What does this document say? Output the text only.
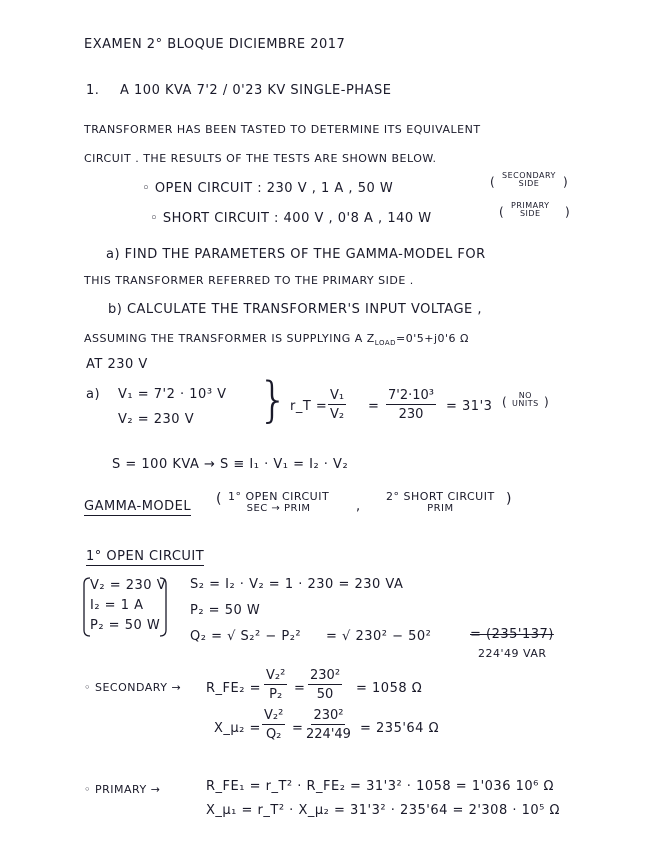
EXAMEN 2° BLOQUE DICIEMBRE 2017
1. A 100 KVA 7'2 / 0'23 KV SINGLE-PHASE
TRANSFORMER HAS BEEN TASTED TO DETERMINE ITS EQUIVALENT
CIRCUIT . THE RESULTS OF THE TESTS ARE SHOWN BELOW.
◦ OPEN CIRCUIT : 230 V , 1 A , 50 W	( SECONDARY
SIDE	)
◦ SHORT CIRCUIT : 400 V , 0'8 A , 140 W	( PRIMARY
SIDE	)
a) FIND THE PARAMETERS OF THE GAMMA-MODEL FOR
THIS TRANSFORMER REFERRED TO THE PRIMARY SIDE .
b) CALCULATE THE TRANSFORMER'S INPUT VOLTAGE ,
ASSUMING THE TRANSFORMER IS SUPPLYING A $Z_{LOAD}=0'5+j0'6$ Ω
AT 230 V
a) V₁ = 7'2 · 10³ V
V₂ = 230 V } r_T = $\frac{\text{V₁}}{\text{V₂}} = \frac{\text{7'2·10³}}{230} = 31'3$ (	NO
UNITS )
S = 100 KVA → S ≡ I₁ · V₁ = I₂ · V₂
GAMMA-MODEL ( 1° OPEN CIRCUIT
SEC → PRIM	,
2° SHORT CIRCUIT
PRIM
)
1° OPEN CIRCUIT
V₂ = 230 V
I₂ = 1 A
P₂ = 50 W
S₂ = I₂ · V₂ = 1 · 230 = 230 VA
P₂ = 50 W
Q₂ = √ S₂² − P₂² = √ 230² − 50²	= (235'137)
224'49 VAR
◦ SECONDARY → R_FE₂ = $\frac{\text{V₂²}}{\text{P₂}} = \frac{\text{230²}}{50} = 1058$ Ω
X_μ₂ = $\frac{\text{V₂²}}{\text{Q₂}} = \frac{\text{230²}}{224'49} = 235'64$ Ω
◦ PRIMARY →	R_FE₁ = r_T² · R_FE₂ = 31'3² · 1058 = 1'036 10⁶ Ω
X_μ₁ = r_T² · X_μ₂ = 31'3² · 235'64 = 2'308 · 10⁵ Ω
